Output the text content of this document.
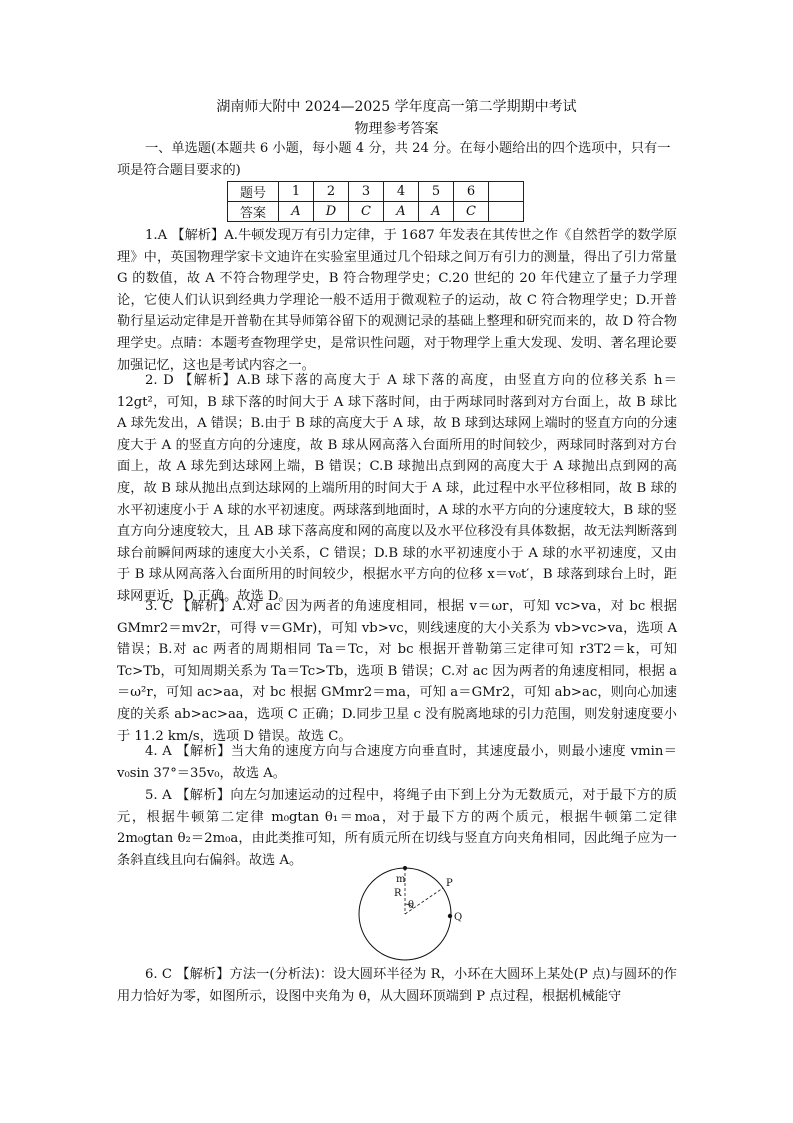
湖南师大附中 2024—2025 学年度高一第二学期期中考试
物理参考答案
一、单选题(本题共 6 小题，每小题 4 分，共 24 分。在每小题给出的四个选项中，只有一项是符合题目要求的)
题号	1	2	3	4	5	6	
答案	A	D	C	A	A	C	
1.A 【解析】A.牛顿发现万有引力定律，于 1687 年发表在其传世之作《自然哲学的数学原理》中，英国物理学家卡文迪许在实验室里通过几个铅球之间万有引力的测量，得出了引力常量 G 的数值，故 A 不符合物理学史，B 符合物理学史；C.20 世纪的 20 年代建立了量子力学理论，它使人们认识到经典力学理论一般不适用于微观粒子的运动，故 C 符合物理学史；D.开普勒行星运动定律是开普勒在其导师第谷留下的观测记录的基础上整理和研究而来的，故 D 符合物理学史。点睛：本题考查物理学史，是常识性问题，对于物理学上重大发现、发明、著名理论要加强记忆，这也是考试内容之一。
2. D 【解析】A.B 球下落的高度大于 A 球下落的高度，由竖直方向的位移关系 h＝12gt²，可知，B 球下落的时间大于 A 球下落时间，由于两球同时落到对方台面上，故 B 球比 A 球先发出，A 错误；B.由于 B 球的高度大于 A 球，故 B 球到达球网上端时的竖直方向的分速度大于 A 的竖直方向的分速度，故 B 球从网高落入台面所用的时间较少，两球同时落到对方台面上，故 A 球先到达球网上端，B 错误；C.B 球抛出点到网的高度大于 A 球抛出点到网的高度，故 B 球从抛出点到达球网的上端所用的时间大于 A 球，此过程中水平位移相同，故 B 球的水平初速度小于 A 球的水平初速度。两球落到地面时，A 球的水平方向的分速度较大，B 球的竖直方向分速度较大，且 AB 球下落高度和网的高度以及水平位移没有具体数据，故无法判断落到球台前瞬间两球的速度大小关系，C 错误；D.B 球的水平初速度小于 A 球的水平初速度，又由于 B 球从网高落入台面所用的时间较少，根据水平方向的位移 x＝v₀t′，B 球落到球台上时，距球网更近，D 正确。故选 D。
3. C 【解析】A.对 ac 因为两者的角速度相同，根据 v＝ωr，可知 vc>va，对 bc 根据 GMmr2＝mv2r，可得 v＝GMr)，可知 vb>vc，则线速度的大小关系为 vb>vc>va，选项 A 错误；B.对 ac 两者的周期相同 Ta＝Tc，对 bc 根据开普勒第三定律可知 r3T2＝k，可知 Tc>Tb，可知周期关系为 Ta＝Tc>Tb，选项 B 错误；C.对 ac 因为两者的角速度相同，根据 a＝ω²r，可知 ac>aa，对 bc 根据 GMmr2＝ma，可知 a＝GMr2，可知 ab>ac，则向心加速度的关系 ab>ac>aa，选项 C 正确；D.同步卫星 c 没有脱离地球的引力范围，则发射速度要小于 11.2 km/s，选项 D 错误。故选 C。
4. A 【解析】当大角的速度方向与合速度方向垂直时，其速度最小，则最小速度 vmin＝v₀sin 37°＝35v₀，故选 A。
5. A 【解析】向左匀加速运动的过程中，将绳子由下到上分为无数质元，对于最下方的质元，根据牛顿第二定律 m₀gtan θ₁＝m₀a，对于最下方的两个质元，根据牛顿第二定律 2m₀gtan θ₂＝2m₀a，由此类推可知，所有质元所在切线与竖直方向夹角相同，因此绳子应为一条斜直线且向右偏斜。故选 A。
m
R
θ
P
Q
6. C 【解析】方法一(分析法)：设大圆环半径为 R，小环在大圆环上某处(P 点)与圆环的作用力恰好为零，如图所示，设图中夹角为 θ，从大圆环顶端到 P 点过程，根据机械能守
